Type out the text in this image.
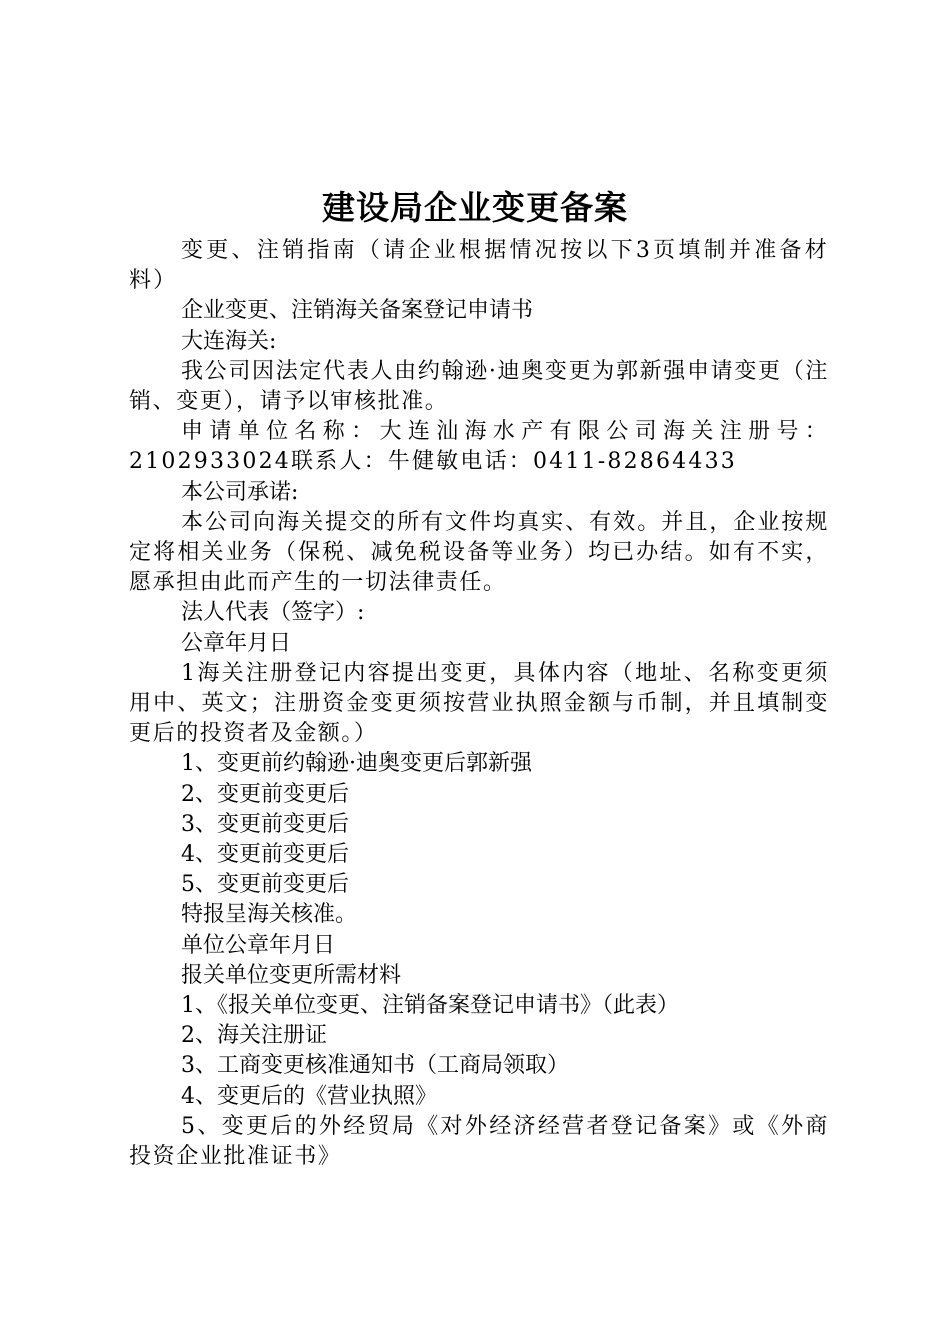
建设局企业变更备案

变更、注销指南（请企业根据情况按以下3页填制并准备材料）

企业变更、注销海关备案登记申请书

大连海关:

我公司因法定代表人由约翰逊·迪奥变更为郭新强申请变更（注销、变更），请予以审核批准。

申请单位名称：大连汕海水产有限公司海关注册号：2102933024联系人：牛健敏电话：0411-82864433

本公司承诺:

本公司向海关提交的所有文件均真实、有效。并且，企业按规定将相关业务（保税、减免税设备等业务）均已办结。如有不实，愿承担由此而产生的一切法律责任。

法人代表（签字）:

公章年月日

1海关注册登记内容提出变更，具体内容（地址、名称变更须用中、英文；注册资金变更须按营业执照金额与币制，并且填制变更后的投资者及金额。）

1、变更前约翰逊·迪奥变更后郭新强

2、变更前变更后

3、变更前变更后

4、变更前变更后

5、变更前变更后

特报呈海关核准。

单位公章年月日

报关单位变更所需材料

1、《报关单位变更、注销备案登记申请书》（此表）

2、海关注册证

3、工商变更核准通知书（工商局领取）

4、变更后的《营业执照》

5、变更后的外经贸局《对外经济经营者登记备案》或《外商投资企业批准证书》
